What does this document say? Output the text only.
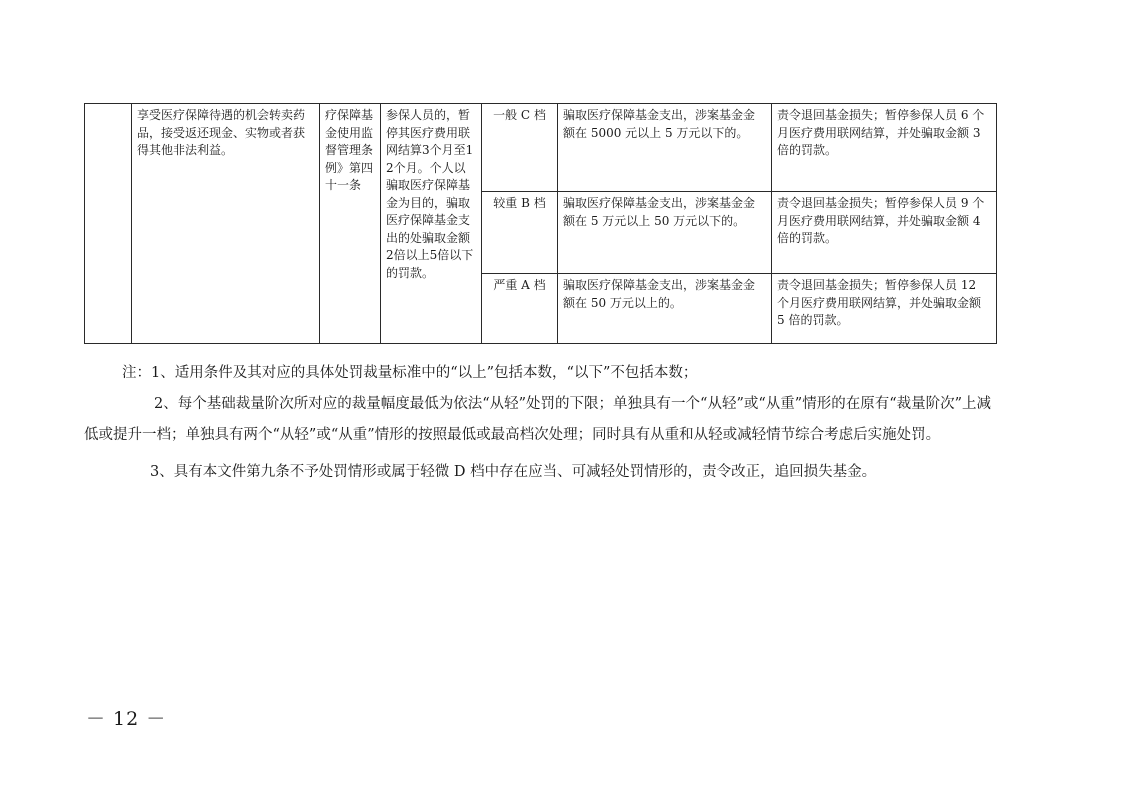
	享受医疗保障待遇的机会转卖药品，接受返还现金、实物或者获得其他非法利益。	疗保障基金使用监督管理条例》第四十一条	参保人员的，暂停其医疗费用联网结算3个月至12个月。个人以骗取医疗保障基金为目的，骗取医疗保障基金支出的处骗取金额2倍以上5倍以下的罚款。	一般 C 档	骗取医疗保障基金支出，涉案基金金额在 5000 元以上 5 万元以下的。	责令退回基金损失；暂停参保人员 6 个月医疗费用联网结算，并处骗取金额 3 倍的罚款。
				较重 B 档	骗取医疗保障基金支出，涉案基金金额在 5 万元以上 50 万元以下的。	责令退回基金损失；暂停参保人员 9 个月医疗费用联网结算，并处骗取金额 4 倍的罚款。
				严重 A 档	骗取医疗保障基金支出，涉案基金金额在 50 万元以上的。	责令退回基金损失；暂停参保人员 12 个月医疗费用联网结算，并处骗取金额 5 倍的罚款。

注：1、适用条件及其对应的具体处罚裁量标准中的“以上”包括本数，“以下”不包括本数；

2、每个基础裁量阶次所对应的裁量幅度最低为依法“从轻”处罚的下限；单独具有一个“从轻”或“从重”情形的在原有“裁量阶次”上减低或提升一档；单独具有两个“从轻”或“从重”情形的按照最低或最高档次处理；同时具有从重和从轻或减轻情节综合考虑后实施处罚。

3、具有本文件第九条不予处罚情形或属于轻微 D 档中存在应当、可减轻处罚情形的，责令改正，追回损失基金。

－ 12 －
